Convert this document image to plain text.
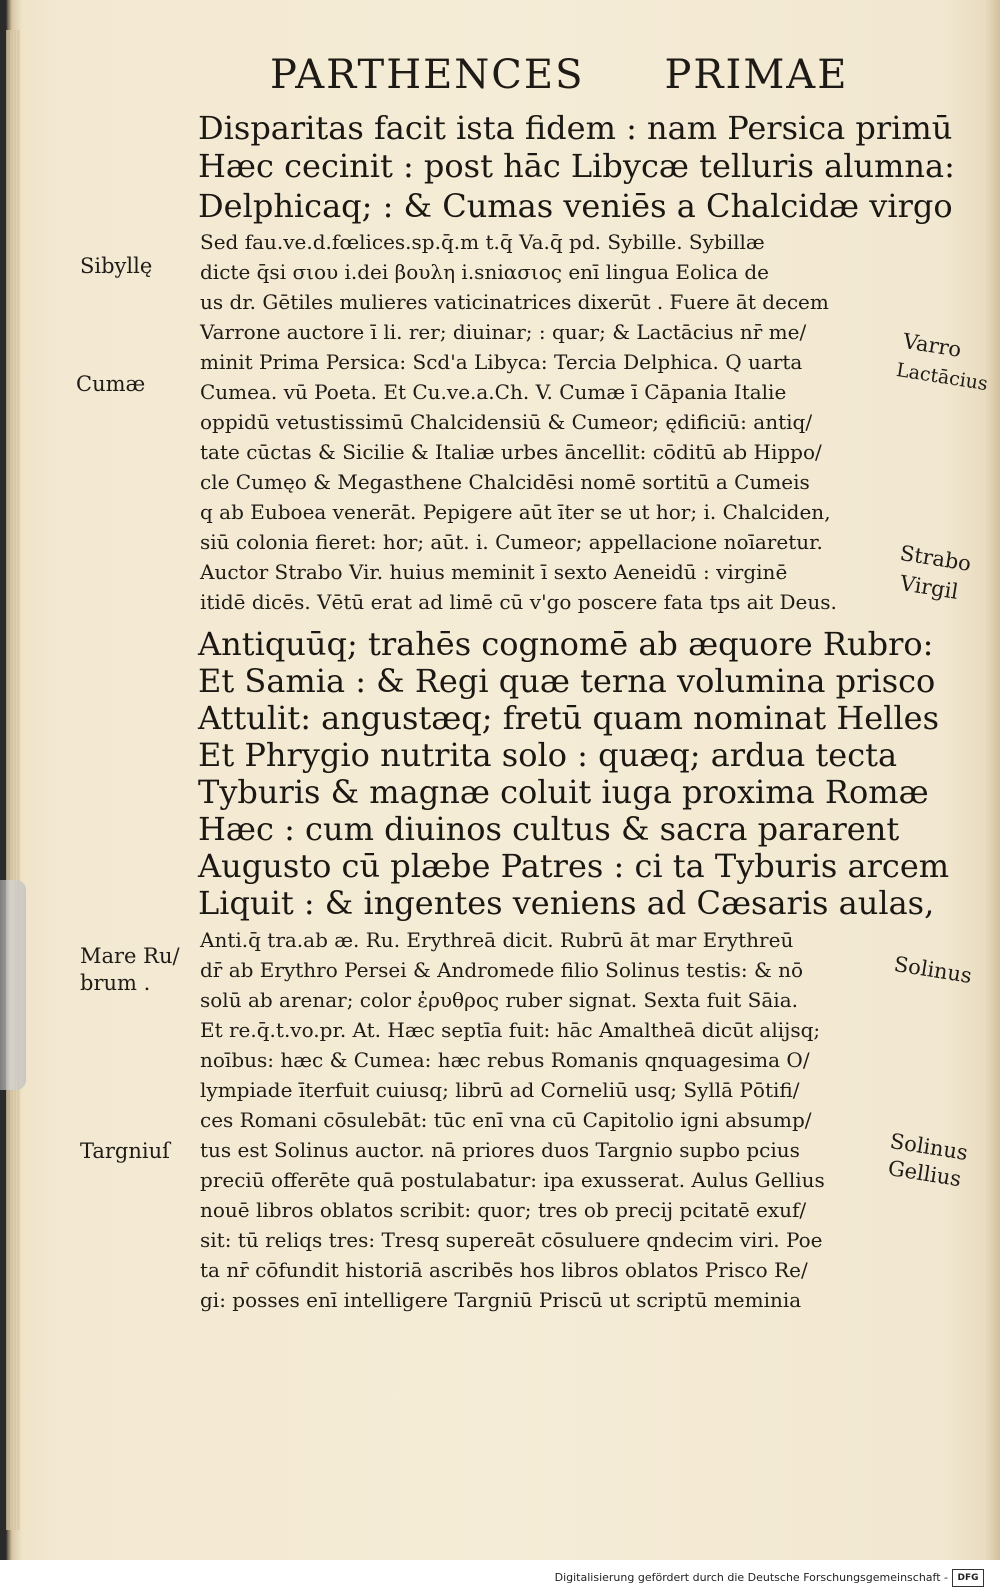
PARTHENCES PRIMAE
Disparitas facit ista fidem : nam Persica primū
Hæc cecinit : post hāc Libycæ telluris alumna:
Delphicaq; : & Cumas veniēs a Chalcidæ virgo
Sed fau.ve.d.fœlices.sp.q̄.m t.q̄ Va.q̄ pd. Sybille. Sybillæ
dicte q̄si σιου i.dei βουλη i.sniασιος enī lingua Eolica de
us dr. Gētiles mulieres vaticinatrices dixerūt . Fuere āt decem
Varrone auctore ī li. rer; diuinar; : quar; & Lactācius nr̄ me/
minit Prima Persica: Scd'a Libyca: Tercia Delphica. Q uarta
Cumea. vū Poeta. Et Cu.ve.a.Ch. V. Cumæ ī Cāpania Italie
oppidū vetustissimū Chalcidensiū & Cumeor; ędificiū: antiq/
tate cūctas & Sicilie & Italiæ urbes āncellit: cōditū ab Hippo/
cle Cumęo & Megasthene Chalcidēsi nomē sortitū a Cumeis
q ab Euboea venerāt. Pepigere aūt īter se ut hor; i. Chalciden,
siū colonia fieret: hor; aūt. i. Cumeor; appellacione noīaretur.
Auctor Strabo Vir. huius meminit ī sexto Aeneidū : virginē
itidē dicēs. Vētū erat ad limē cū v'go poscere fata tps ait Deus.
Antiquūq; trahēs cognomē ab æquore Rubro:
Et Samia : & Regi quæ terna volumina prisco
Attulit: angustæq; fretū quam nominat Helles
Et Phrygio nutrita solo : quæq; ardua tecta
Tyburis & magnæ coluit iuga proxima Romæ
Hæc : cum diuinos cultus & sacra pararent
Augusto cū plæbe Patres : ci ta Tyburis arcem
Liquit : & ingentes veniens ad Cæsaris aulas,
Anti.q̄ tra.ab æ. Ru. Erythreā dicit. Rubrū āt mar Erythreū
dr̄ ab Erythro Persei & Andromede filio Solinus testis: & nō
solū ab arenar; color ἐρυθρος ruber signat. Sexta fuit Sāia.
Et re.q̄.t.vo.pr. At. Hæc septīa fuit: hāc Amaltheā dicūt alijsq;
noībus: hæc & Cumea: hæc rebus Romanis qnquagesima O/
lympiade īterfuit cuiusq; librū ad Corneliū usq; Syllā Pōtifi/
ces Romani cōsulebāt: tūc enī vna cū Capitolio igni absump/
tus est Solinus auctor. nā priores duos Targnio supbo pcius
preciū offerēte quā postulabatur: ipa exusserat. Aulus Gellius
nouē libros oblatos scribit: quor; tres ob precij pcitatē exuf/
sit: tū reliqs tres: Tresq supereāt cōsuluere qndecim viri. Poe
ta nr̄ cōfundit historiā ascribēs hos libros oblatos Prisco Re/
gi: posses enī intelligere Targniū Priscū ut scriptū meminia
Sibyllę
Cumæ
Mare Ru/
brum .
Targniuſ
Varro
Lactācius
Strabo
Virgil
Solinus
Solinus
Gellius
Digitalisierung gefördert durch die Deutsche Forschungsgemeinschaft -	DFG
